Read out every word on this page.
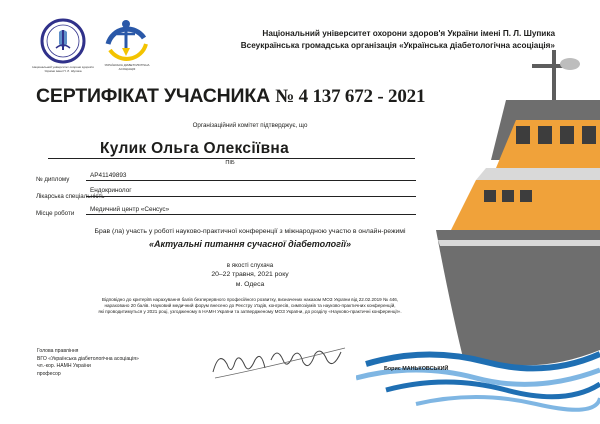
Національний університет охорони здоров'я України імені П. Л. Шупика
УКРАЇНСЬКА ДІАБЕТОЛОГІЧНА АСОЦІАЦІЯ
Національний університет охорони здоров'я України імені П. Л. Шупика
Всеукраїнська громадська організація «Українська діабетологічна асоціація»
СЕРТИФІКАТ УЧАСНИКА № 4 137 672 - 2021
Організаційний комітет підтверджує, що
Кулик Ольга Олексіївна
ПІБ
№ диплому
АР41149893
Лікарська спеціальність
Ендокринолог
Місце роботи
Медичний центр «Сенсус»
Брав (ла) участь у роботі науково-практичної конференції з міжнародною участю в онлайн-режимі
«Актуальні питання сучасної діабетології»
в якості слухача
20–22 травня, 2021 року
м. Одеса
Відповідно до критеріїв нарахування балів безперервного професійного розвитку, визначених наказом МОЗ України від 22.02.2019 № 446,
нараховано 20 балів. Науковий медичний форум внесено до Реєстру з'їздів, конгресів, симпозіумів та науково-практичних конференцій,
які проводитимуться у 2021 році, узгодженому в НАМН України та затвердженому МОЗ України, до розділу «Науково-практичні конференції».
Голова правління
ВГО «Українська діабетологічна асоціація»
чл.-кор. НАМН України
професор
Борис МАНЬКОВСЬКИЙ
